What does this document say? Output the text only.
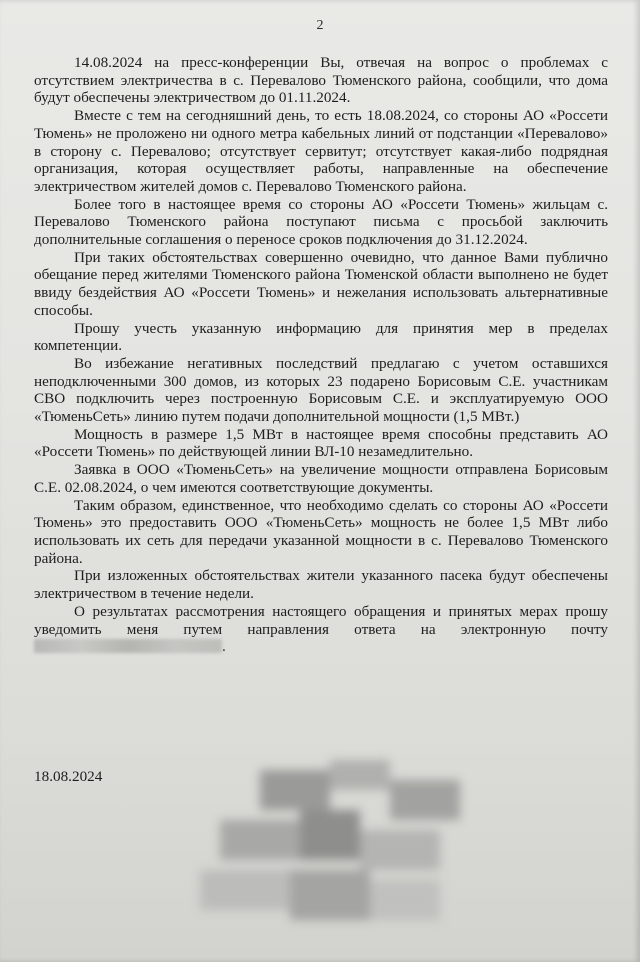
2

14.08.2024 на пресс-конференции Вы, отвечая на вопрос о проблемах с отсутствием электричества в с. Перевалово Тюменского района, сообщили, что дома будут обеспечены электричеством до 01.11.2024.

Вместе с тем на сегодняшний день, то есть 18.08.2024, со стороны АО «Россети Тюмень» не проложено ни одного метра кабельных линий от подстанции «Перевалово» в сторону с. Перевалово; отсутствует сервитут; отсутствует какая-либо подрядная организация, которая осуществляет работы, направленные на обеспечение электричеством жителей домов с. Перевалово Тюменского района.

Более того в настоящее время со стороны АО «Россети Тюмень» жильцам с. Перевалово Тюменского района поступают письма с просьбой заключить дополнительные соглашения о переносе сроков подключения до 31.12.2024.

При таких обстоятельствах совершенно очевидно, что данное Вами публично обещание перед жителями Тюменского района Тюменской области выполнено не будет ввиду бездействия АО «Россети Тюмень» и нежелания использовать альтернативные способы.

Прошу учесть указанную информацию для принятия мер в пределах компетенции.

Во избежание негативных последствий предлагаю с учетом оставшихся неподключенными 300 домов, из которых 23 подарено Борисовым С.Е. участникам СВО подключить через построенную Борисовым С.Е. и эксплуатируемую ООО «ТюменьСеть» линию путем подачи дополнительной мощности (1,5 МВт.)

Мощность в размере 1,5 МВт в настоящее время способны представить АО «Россети Тюмень» по действующей линии ВЛ-10 незамедлительно.

Заявка в ООО «ТюменьСеть» на увеличение мощности отправлена Борисовым С.Е. 02.08.2024, о чем имеются соответствующие документы.

Таким образом, единственное, что необходимо сделать со стороны АО «Россети Тюмень» это предоставить ООО «ТюменьСеть» мощность не более 1,5 МВт либо использовать их сеть для передачи указанной мощности в с. Перевалово Тюменского района.

При изложенных обстоятельствах жители указанного пасека будут обеспечены электричеством в течение недели.

О результатах рассмотрения настоящего обращения и принятых мерах прошу уведомить меня путем направления ответа на электронную почту .

18.08.2024
